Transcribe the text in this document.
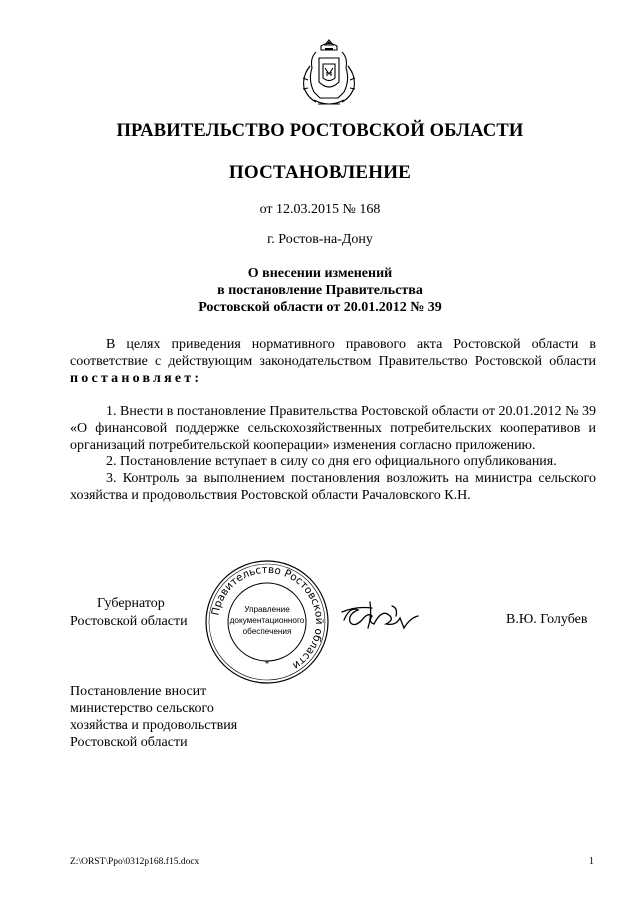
ПРАВИТЕЛЬСТВО РОСТОВСКОЙ ОБЛАСТИ
ПОСТАНОВЛЕНИЕ
от 12.03.2015 № 168
г. Ростов-на-Дону
О внесении изменений
в постановление Правительства
Ростовской области от 20.01.2012 № 39

В целях приведения нормативного правового акта Ростовской области в соответствие с действующим законодательством Правительство Ростовской области постановляет:

1. Внести в постановление Правительства Ростовской области от 20.01.2012 № 39 «О финансовой поддержке сельскохозяйственных потребительских кооперативов и организаций потребительской кооперации» изменения согласно приложению.

2. Постановление вступает в силу со дня его официального опубликования.

3. Контроль за выполнением постановления возложить на министра сельского хозяйства и продовольствия Ростовской области Рачаловского К.Н.

Губернатор
Ростовской области
Правительство Ростовской области
Управление
документационного
обеспечения
*
В.Ю. Голубев
Постановление вносит
министерство сельского
хозяйства и продовольствия
Ростовской области
Z:\ORST\Ppo\0312p168.f15.docx	1
